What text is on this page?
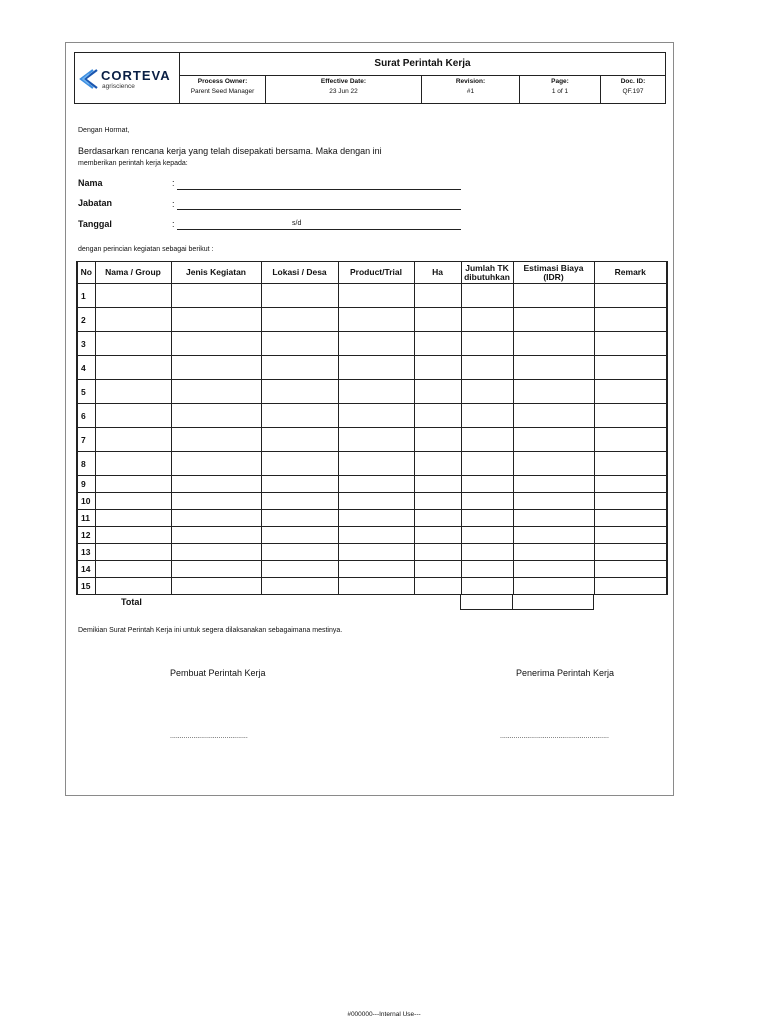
CORTEVA
agriscience
Surat Perintah Kerja
Process Owner:
Parent Seed Manager
Effective Date:
23 Jun 22
Revision:
#1
Page:
1 of 1
Doc. ID:
QF.197
Dengan Hormat,
Berdasarkan rencana kerja yang telah disepakati bersama. Maka dengan ini
memberikan perintah kerja kepada:
Nama	:
Jabatan	:
Tanggal	:	s/d
dengan perincian kegiatan sebagai berikut :
No	Nama / Group	Jenis Kegiatan	Lokasi / Desa	Product/Trial	Ha	Jumlah TK dibutuhkan	Estimasi Biaya (IDR)	Remark
1								
2								
3								
4								
5								
6								
7								
8								
9								
10								
11								
12								
13								
14								
15								
Total
Demikian Surat Perintah Kerja ini untuk segera dilaksanakan sebagaimana mestinya.
Pembuat Perintah Kerja	Penerima Perintah Kerja
........................................	........................................................
#000000---Internal Use---
